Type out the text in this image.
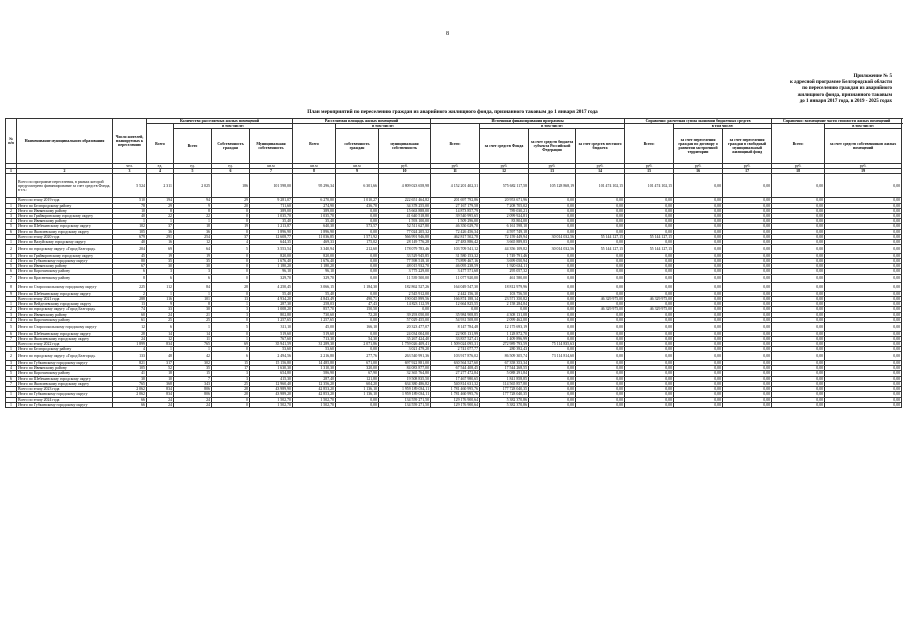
8
Приложение № 5
к адресной программе Белгородской области
по переселению граждан из аварийного
жилищного фонда, признанного таковым
до 1 января 2017 года, в 2019 - 2025 годах
План мероприятий по переселению граждан из аварийного жилищного фонда, признанного таковым до 1 января 2017 года
№ п/п	Наименование муниципального образования	Число жителей, планируемых к переселению	Количество расселяемых жилых помещений				Расселяемая площадь жилых помещений			Источники финансирования программы				Справочно: расчетная сумма экономии бюджетных средств			Справочно: возмещение части стоимости жилых помещений		

			Всего	в том числе:			Всего	в том числе:		Всего:	в том числе:			Всего:	в том числе:		Всего:	в том числе:	
				Всего	Собственность граждан	Муниципальная собственность		собственность граждан	муниципальная собственность		за счет средств Фонда	за счет средств бюджета субъекта Российской Федерации	за счет средств местного бюджета		за счет переселения граждан по договору о развитии застроенной территории	за счет переселения граждан в свободный муниципальный жилищный фонд		за счет средств собственников жилых помещений	
		чел.	ед.	ед.	ед.	кв.м	кв.м	кв.м	руб.	руб.	руб.	руб.	руб.	руб.	руб.	руб.	руб.	руб.	
1	2	3	4	5	6	7	8	9	10	11	12	13	14	15	16	17	18	19	
	Всего по программе переселения, в рамках которой предусмотрено финансирование за счет средств Фонда, в т.ч.:	5 524	2 311	2 025	186	101 598,00	95 296,34	6 301,66	4 809 023 658,98	4 152 201 402,31	575 682 117,58	105 128 868,19	101 474 102,15	101 474 102,15	0,00	0,00	0,00	0,00	
	Всего по этапу 2019 года	510	194	94	29	9 281,07	6 270,80	1 010,27	222 651 464,82	201 697 792,86	20 953 671,96	0,00	0,00	0,00	0,00	0,00	0,00	0,00	
1	Итого по Белгородскому району	78	29	9	20	711,60	274,90	436,70	34 378 255,00	27 167 179,58	7 208 705,02	0,00	0,00	0,00	0,00	0,00	0,00	0,00	
2	Итого по Ивнянскому району	10	8	8	0	389,00	389,00	0,00	15 663 888,00	14 873 857,79	789 030,21	0,00	0,00	0,00	0,00	0,00	0,00	0,00	
3	Итого по Грайворонскому городскому округу	40	22	22	0	1 035,70	1 035,70	0,00	41 640 518,80	39 540 995,65	2 099 924,81	0,00	0,00	0,00	0,00	0,00	0,00	0,00	
4	Итого по Ивнянскому району	1	1	1	0	35,40	35,40	0,00	1 593 100,00	1 509 296,00	83 804,00	0,00	0,00	0,00	0,00	0,00	0,00	0,00	
5	Итого по Шебекинскому городскому округу	102	37	18	19	1 213,87	640,30	573,57	52 511 627,80	46 350 029,70	6 161 598,10	0,00	0,00	0,00	0,00	0,00	0,00	0,00	
6	Итого по Яковлевскому городскому округу	105	36	36	0	1 896,90	1 896,90	0,00	77 024 205,32	72 426 456,34	4 597 749,18	0,00	0,00	0,00	0,00	0,00	0,00	0,00	
	Всего по этапу 2020 года	679	291	254	37	12 608,77	11 036,85	1 571,92	566 991 946,88	462 817 502,78	72 159 449,94	30 014 032,56	55 144 127,15	55 144 127,15	0,00	0,00	0,00	0,00	
1	Итого по Валуйскому городскому округу	40	16	12	4	644,35	469,33	175,02	28 149 776,28	27 483 886,42	3 665 889,83	0,00	0,00	0,00	0,00	0,00	0,00	0,00	
2	Итого по городскому округу «Город Белгород»	204	69	64	5	3 553,54	3 340,94	212,60	178 079 783,46	103 709 541,12	44 356 109,82	30 014 032,56	55 144 127,15	55 144 127,15	0,00	0,00	0,00	0,00	
3	Итого по Грайворонскому городскому округу	45	19	19	0	820,00	820,00	0,00	33 529 945,85	31 580 153,32	1 749 791,46	0,00	0,00	0,00	0,00	0,00	0,00	0,00	
4	Итого по Губкинскому городскому округу	80	35	35	0	1 676,40	1 676,40	0,00	77 598 518,10	73 899 467,16	3 699 050,94	0,00	0,00	0,00	0,00	0,00	0,00	0,00	
5	Итого по Ивнянскому району	67	30	30	0	1 180,20	1 180,20	0,00	48 015 932,70	46 095 238,59	1 920 634,11	0,00	0,00	0,00	0,00	0,00	0,00	0,00	
6	Итого по Корочанскому району	6	3	3	0	96,10	96,10	0,00	3 775 229,00	3 477 571,68	295 057,32	0,00	0,00	0,00	0,00	0,00	0,00	0,00	
7	Итого по Красненскому району	8	6	6	0	329,70	329,70	0,00	11 539 500,00	11 077 920,00	461 580,00	0,00	0,00	0,00	0,00	0,00	0,00	0,00	
8	Итого по Старооскольскому городскому округу	225	112	84	28	4 250,45	3 066,15	1 184,30	182 862 527,26	164 049 547,30	18 812 979,96	0,00	0,00	0,00	0,00	0,00	0,00	0,00	
9	Итого по Шебекинскому городскому округу	2	1	1	0	55,40	55,40	0,00	2 545 912,00	2 442 156,10	103 756,50	0,00	0,00	0,00	0,00	0,00	0,00	0,00	
	Всего по этапу 2021 года	288	116	101	13	4 934,20	4 843,49	490,71	190 045 899,56	166 874 188,14	23 571 350,82	0,00	46 329 975,00	46 329 975,00	0,00	0,00	0,00	0,00	
1	Итого по Вейделевскому городскому округу	13	9	8	1	287,30	258,03	47,43	14 823 112,59	12 664 825,55	2 158 284,84	0,00	0,00	0,00	0,00	0,00	0,00	0,00	
2	Итого по городскому округу «Город Белгород»	74	33	30	3	1 008,20	857,70	150,50	0,00	0,00	0,00	0,00	46 329 975,00	46 329 975,00	0,00	0,00	0,00	0,00	
3	Итого по Ивнянскому району	60	24	21	3	802,80	730,60	72,20	39 293 050,00	35 984 908,85	4 308 131,08	0,00	0,00	0,00	0,00	0,00	0,00	0,00	
4	Итого по Корочанскому району	61	25	25	0	1 257,65	1 257,65	0,00	57 029 455,00	54 931 508,00	2 099 462,00	0,00	0,00	0,00	0,00	0,00	0,00	0,00	
5	Итого по Старооскольскому городскому округу	12	6	1	5	311,10	45,00	166,10	20 323 477,07	8 147 784,48	12 175 693,19	0,00	0,00	0,00	0,00	0,00	0,00	0,00	
6	Итого по Шебекинскому городскому округу	28	14	14	0	519,60	519,60	0,00	24 034 004,00	22 905 131,99	1 128 872,70	0,00	0,00	0,00	0,00	0,00	0,00	0,00	
7	Итого по Яковлевскому городскому округу	24	12	11	1	767,60	713,30	54,30	35 267 424,40	33 837 527,41	1 409 896,99	0,00	0,00	0,00	0,00	0,00	0,00	0,00	
	Всего по этапу 2022 года	1 899	834	765	69	35 941,59	31 289,30	2 071,86	1 759 026 409,41	1 509 024 095,31	272 989 793,59	75 114 835,63	0,00	0,00	0,00	0,00	0,00	0,00	
1	Итого по Белгородскому району	4	1	1	0	53,60	53,60	0,00	3 021 479,20	2 741 077,77	280 392,43	0,00	0,00	0,00	0,00	0,00	0,00	0,00	
2	Итого по городскому округу «Город Белгород»	133	48	42	6	2 494,56	2 216,80	277,76	263 540 991,36	103 917 876,02	86 509 305,74	73 114 814,60	0,00	0,00	0,00	0,00	0,00	0,00	
3	Итого по Губкинскому городскому округу	821	317	302	15	15 156,80	14 485,80	671,00	697 922 881,00	630 564 527,60	67 358 353,34	0,00	0,00	0,00	0,00	0,00	0,00	0,00	
4	Итого по Ивнянскому району	105	52	35	17	1 630,30	1 310,30	320,00	84 083 877,00	67 544 408,45	17 544 268,55	0,00	0,00	0,00	0,00	0,00	0,00	0,00	
5	Итого по Корочанскому району	41	18	15	3	654,80	586,90	67,90	32 365 764,80	27 277 472,84	5 088 291,84	0,00	0,00	0,00	0,00	0,00	0,00	0,00	
6	Итого по Шебекинскому городскому округу	30	10	7	3	415,30	287,40	121,80	19 508 835,50	17 467 980,65	1 841 858,85	0,00	0,00	0,00	0,00	0,00	0,00	0,00	
7	Итого по Яковлевскому городскому округу	765	368	343	25	12 960,40	12 356,20	604,20	634 380 486,82	540 814 631,32	114 565 857,80	0,00	0,00	0,00	0,00	0,00	0,00	0,00	
	Всего по этапу 2023 года	2 062	834	806	28	43 989,90	42 853,20	1 136,10	1 959 189 034,11	1 781 460 995,76	177 728 040,35	0,00	0,00	0,00	0,00	0,00	0,00	0,00	
1	Итого по Губкинскому городскому округу	2 062	834	806	28	43 989,20	42 853,20	1 136,10	1 959 189 034,11	1 781 460 995,76	177 728 040,35	0,00	0,00	0,00	0,00	0,00	0,00	0,00	
	Всего по этапу 2024 года	66	24	24	0	1 502,70	1 502,70	0,00	134 559 271,50	129 176 900,64	5 382 370,86	0,00	0,00	0,00	0,00	0,00	0,00	0,00	
1	Итого по Губкинскому городскому округу	66	24	24	0	1 502,70	1 502,70	0,00	134 559 271,50	129 176 900,64	5 382 370,86	0,00	0,00	0,00	0,00	0,00	0,00	0,00	
